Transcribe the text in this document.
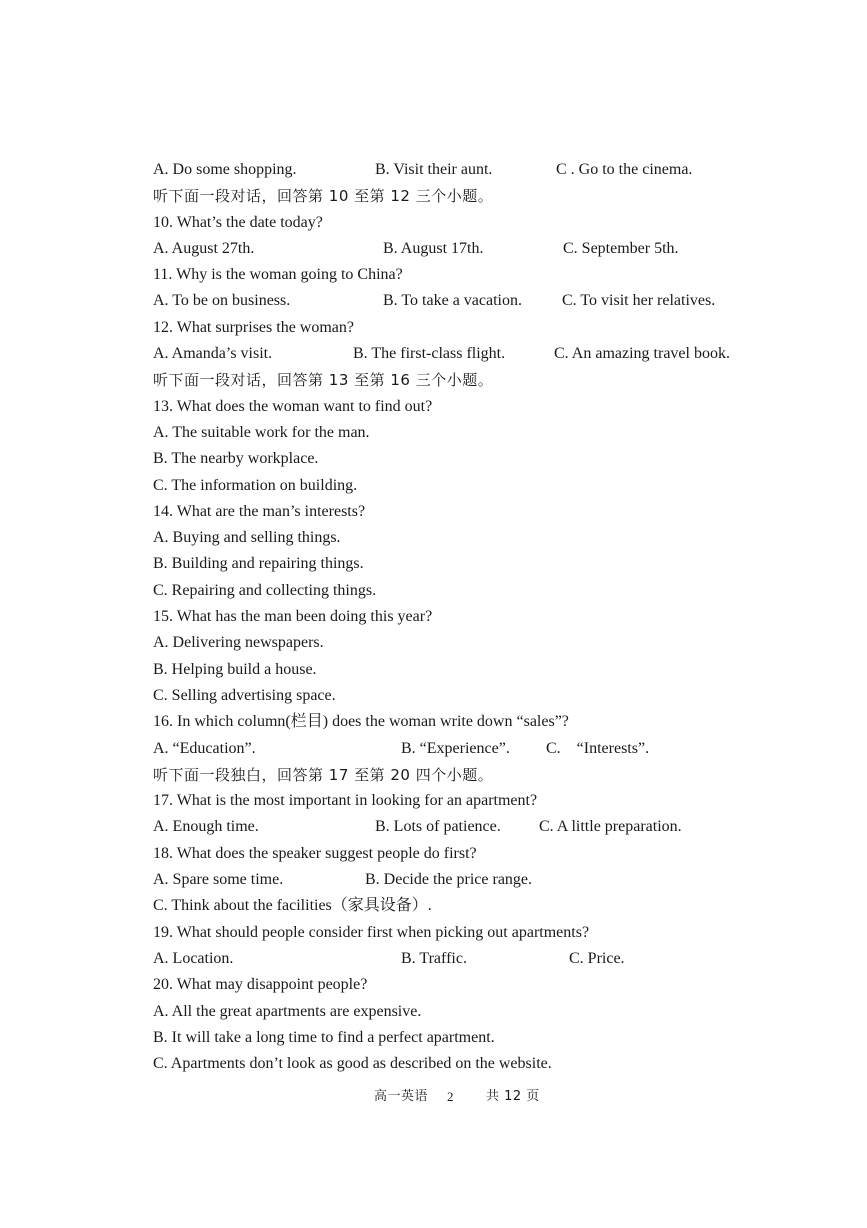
A. Do some shopping.	B. Visit their aunt.	C . Go to the cinema.
听下面一段对话，回答第 10 至第 12 三个小题。
10. What’s the date today?
A. August 27th.	B. August 17th.	C. September 5th.
11. Why is the woman going to China?
A. To be on business.	B. To take a vacation.	C. To visit her relatives.
12. What surprises the woman?
A. Amanda’s visit.	B. The first-class flight.	C. An amazing travel book.
听下面一段对话，回答第 13 至第 16 三个小题。
13. What does the woman want to find out?
A. The suitable work for the man.
B. The nearby workplace.
C. The information on building.
14. What are the man’s interests?
A. Buying and selling things.
B. Building and repairing things.
C. Repairing and collecting things.
15. What has the man been doing this year?
A. Delivering newspapers.
B. Helping build a house.
C. Selling advertising space.
16. In which column(栏目) does the woman write down “sales”?
A. “Education”.	B. “Experience”. C.    “Interests”.
听下面一段独白，回答第 17 至第 20 四个小题。
17. What is the most important in looking for an apartment?
A. Enough time.	B. Lots of patience. C. A little preparation.
18. What does the speaker suggest people do first?
A. Spare some time.	B. Decide the price range.
C. Think about the facilities（家具设备）.
19. What should people consider first when picking out apartments?
A. Location.	B. Traffic.	C. Price.
20. What may disappoint people?
A. All the great apartments are expensive.
B. It will take a long time to find a perfect apartment.
C. Apartments don’t look as good as described on the website.
高一英语 2	共 12 页
